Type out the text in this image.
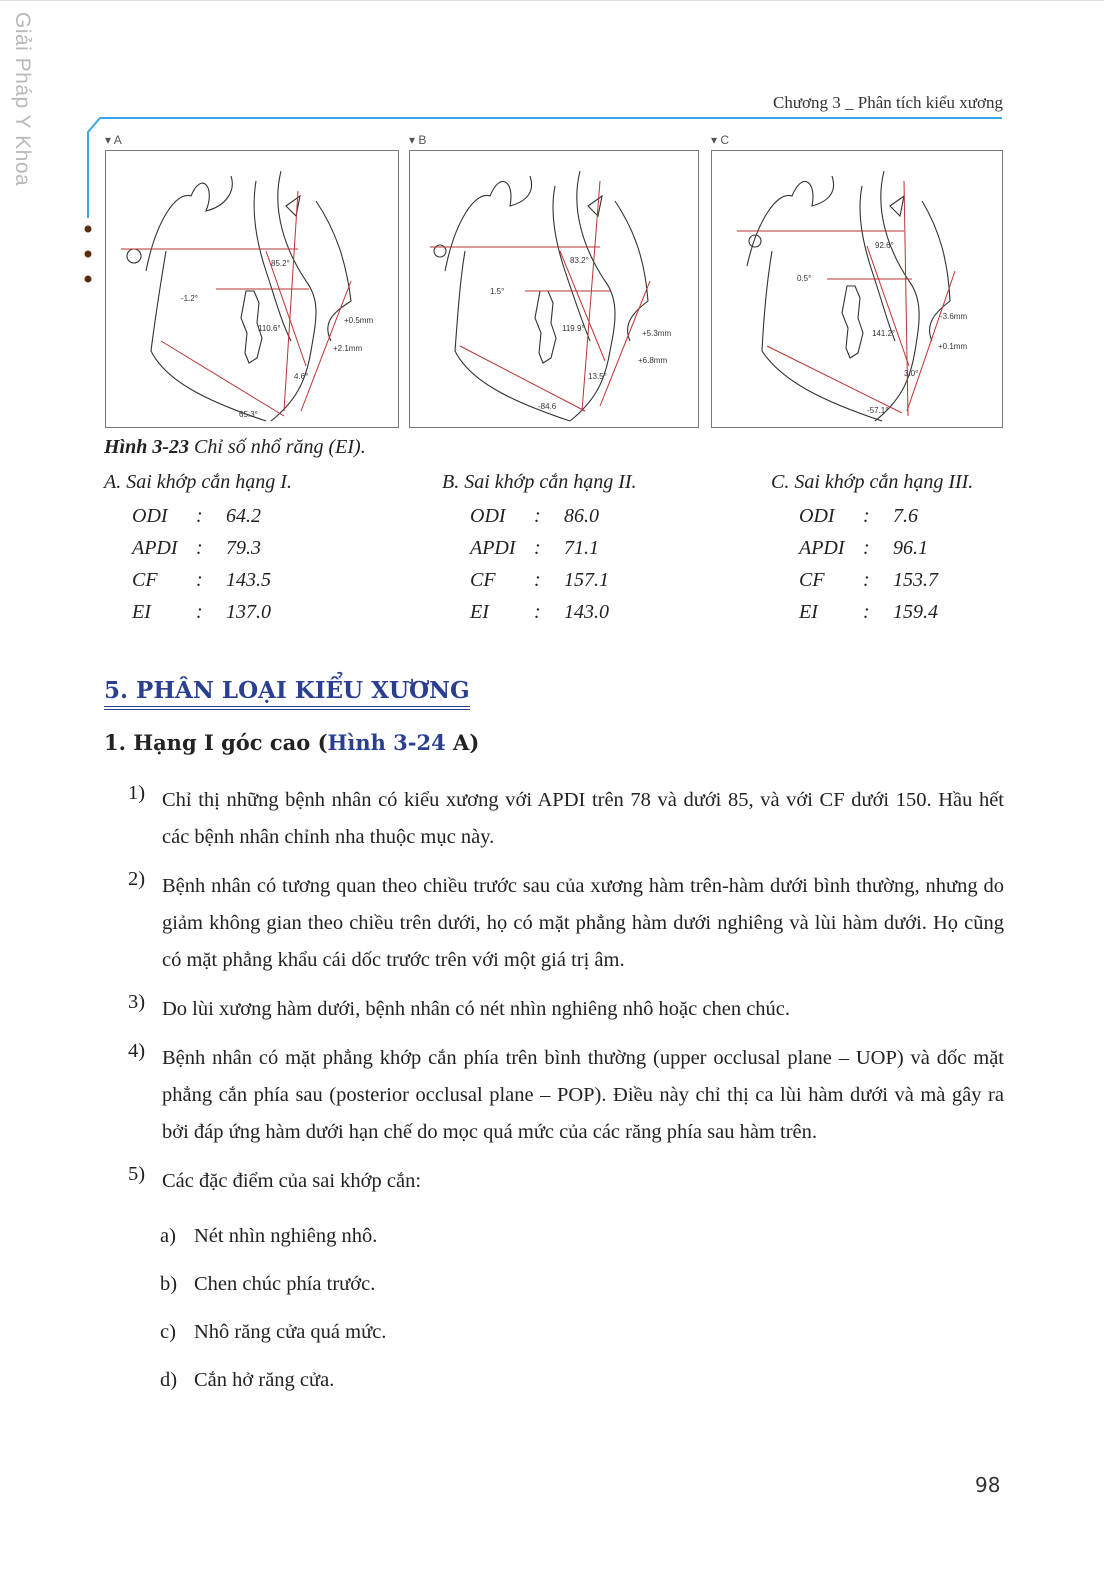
Giải Pháp Y Khoa	Chương 3 _ Phân tích kiểu xương
▾ A
85.2°
-1.2°
110.6°
+0.5mm
+2.1mm
4.6°
65.3°
▾ B
83.2°
1.5°
119.9°
+5.3mm
+6.8mm
13.5°
-84.6
▾ C
92.6°
0.5°
141.2°
-3.6mm
+0.1mm
3.0°
-57.1°
Hình 3-23 Chỉ số nhổ răng (EI).
A. Sai khớp cắn hạng I.
ODI	:	64.2
APDI :	79.3
CF	:	143.5
EI	:	137.0
B. Sai khớp cắn hạng II.
ODI	:	86.0
APDI :	71.1
CF	:	157.1
EI	:	143.0
C. Sai khớp cắn hạng III.
ODI	:	7.6
APDI :	96.1
CF	:	153.7
EI	:	159.4
5. PHÂN LOẠI KIỂU XƯƠNG
1. Hạng I góc cao (Hình 3-24 A)
1) Chỉ thị những bệnh nhân có kiểu xương với APDI trên 78 và dưới 85, và với CF dưới 150. Hầu hết các bệnh nhân chỉnh nha thuộc mục này.
2) Bệnh nhân có tương quan theo chiều trước sau của xương hàm trên-hàm dưới bình thường, nhưng do giảm không gian theo chiều trên dưới, họ có mặt phẳng hàm dưới nghiêng và lùi hàm dưới. Họ cũng có mặt phẳng khẩu cái dốc trước trên với một giá trị âm.
3) Do lùi xương hàm dưới, bệnh nhân có nét nhìn nghiêng nhô hoặc chen chúc.
4) Bệnh nhân có mặt phẳng khớp cắn phía trên bình thường (upper occlusal plane – UOP) và dốc mặt phẳng cắn phía sau (posterior occlusal plane – POP). Điều này chỉ thị ca lùi hàm dưới và mà gây ra bởi đáp ứng hàm dưới hạn chế do mọc quá mức của các răng phía sau hàm trên.
5) Các đặc điểm của sai khớp cắn:
a) Nét nhìn nghiêng nhô.
b) Chen chúc phía trước.
c) Nhô răng cửa quá mức.
d) Cắn hở răng cửa.
98
